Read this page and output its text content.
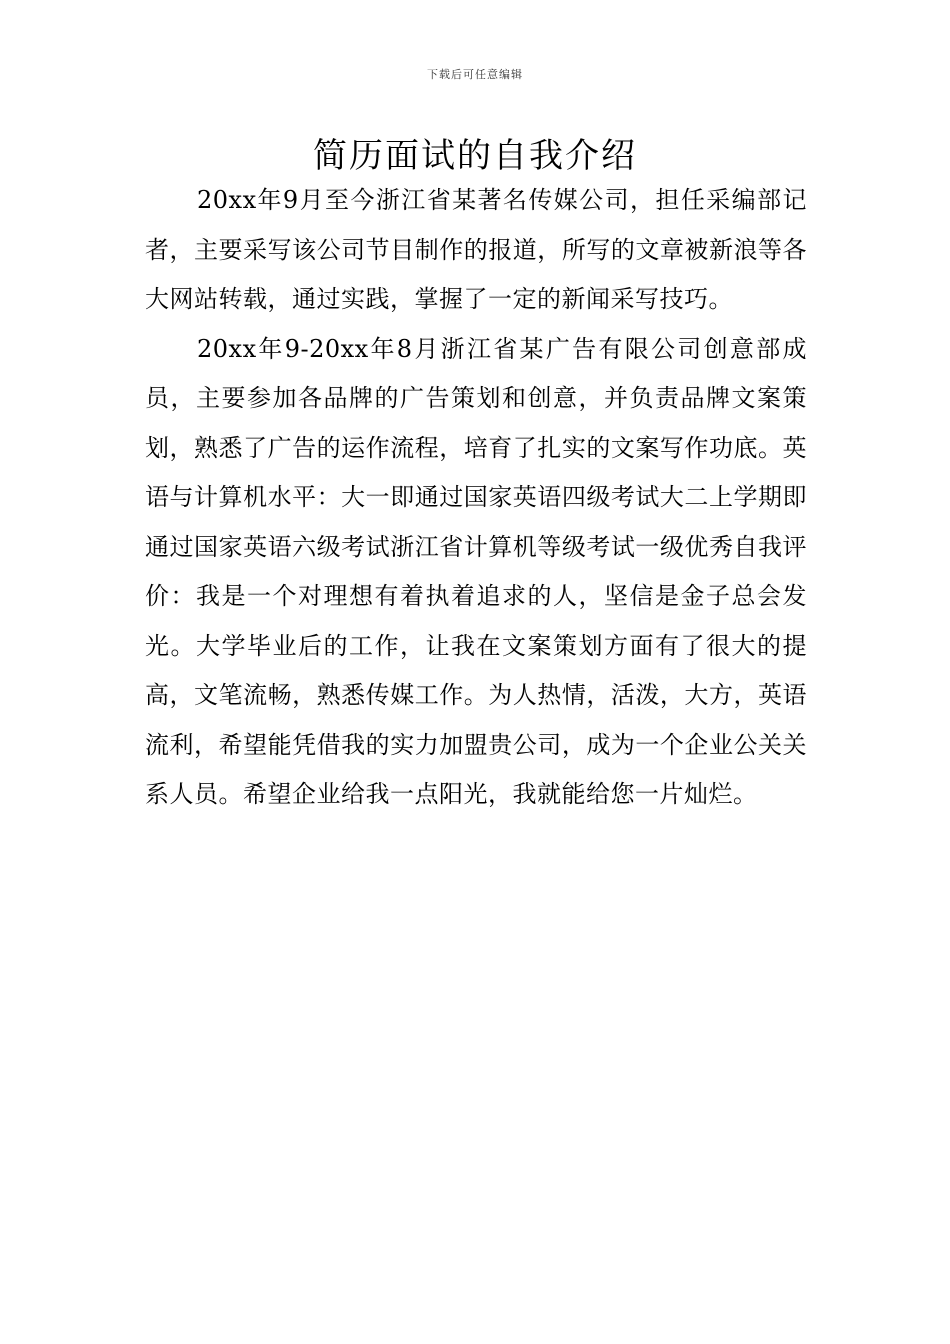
下载后可任意编辑
简历面试的自我介绍

20xx年9月至今浙江省某著名传媒公司，担任采编部记者，主要采写该公司节目制作的报道，所写的文章被新浪等各大网站转载，通过实践，掌握了一定的新闻采写技巧。

20xx年9-20xx年8月浙江省某广告有限公司创意部成员，主要参加各品牌的广告策划和创意，并负责品牌文案策划，熟悉了广告的运作流程，培育了扎实的文案写作功底。英语与计算机水平：大一即通过国家英语四级考试大二上学期即通过国家英语六级考试浙江省计算机等级考试一级优秀自我评价：我是一个对理想有着执着追求的人，坚信是金子总会发光。大学毕业后的工作，让我在文案策划方面有了很大的提高，文笔流畅，熟悉传媒工作。为人热情，活泼，大方，英语流利，希望能凭借我的实力加盟贵公司，成为一个企业公关关系人员。希望企业给我一点阳光，我就能给您一片灿烂。
